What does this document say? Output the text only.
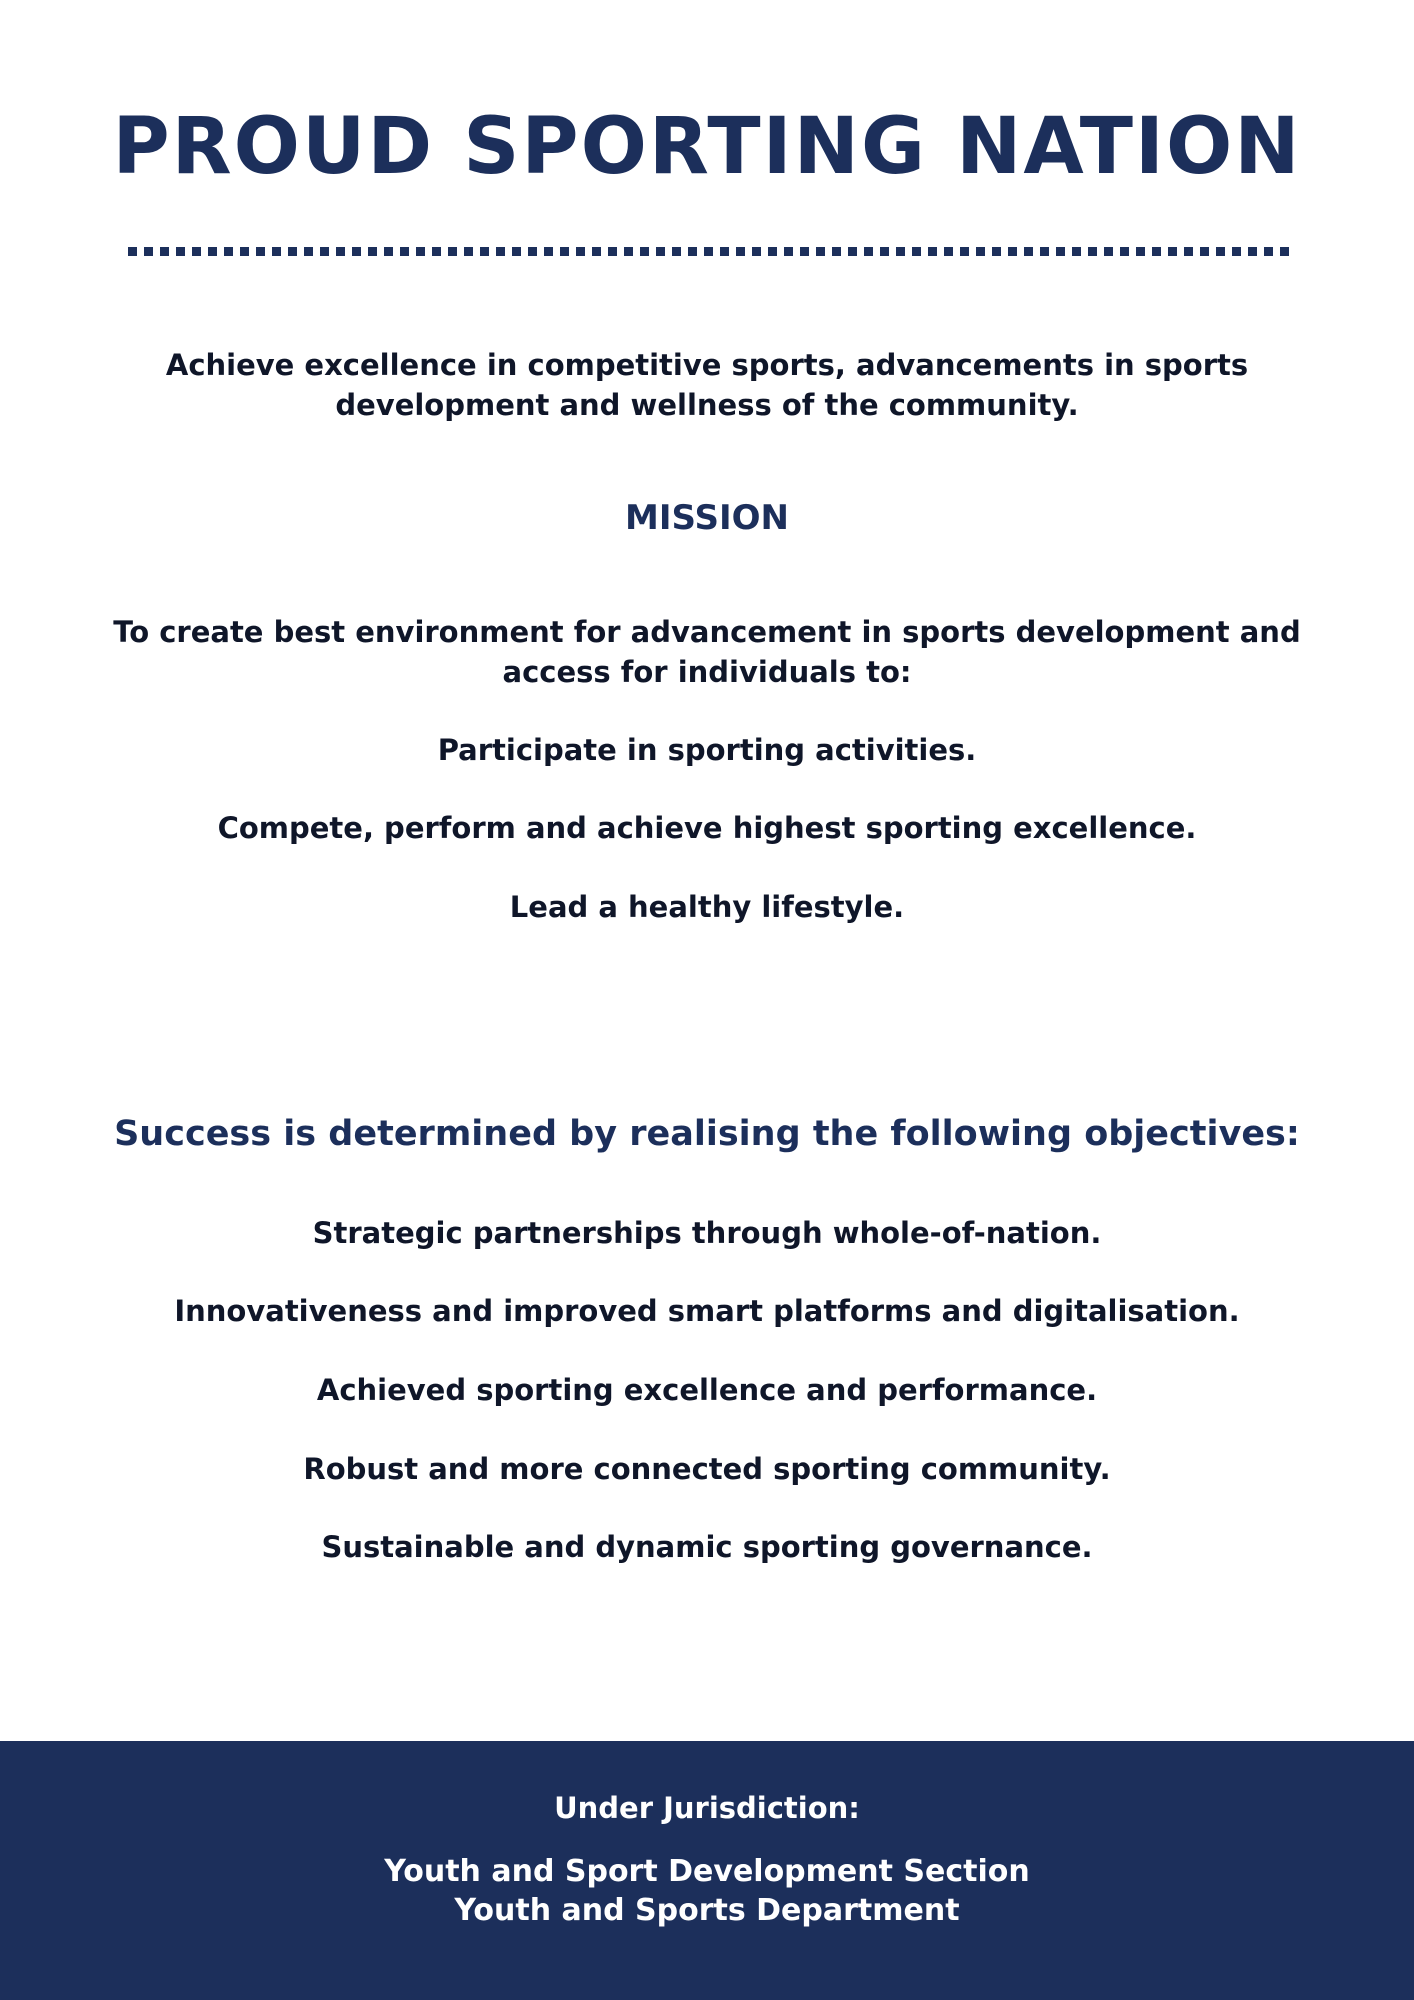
PROUD SPORTING NATION

Achieve excellence in competitive sports, advancements in sports development and wellness of the community.

MISSION

To create best environment for advancement in sports development and access for individuals to:

Participate in sporting activities.

Compete, perform and achieve highest sporting excellence.

Lead a healthy lifestyle.

Success is determined by realising the following objectives:

Strategic partnerships through whole-of-nation.

Innovativeness and improved smart platforms and digitalisation.

Achieved sporting excellence and performance.

Robust and more connected sporting community.

Sustainable and dynamic sporting governance.

Under Jurisdiction:

Youth and Sport Development Section

Youth and Sports Department
